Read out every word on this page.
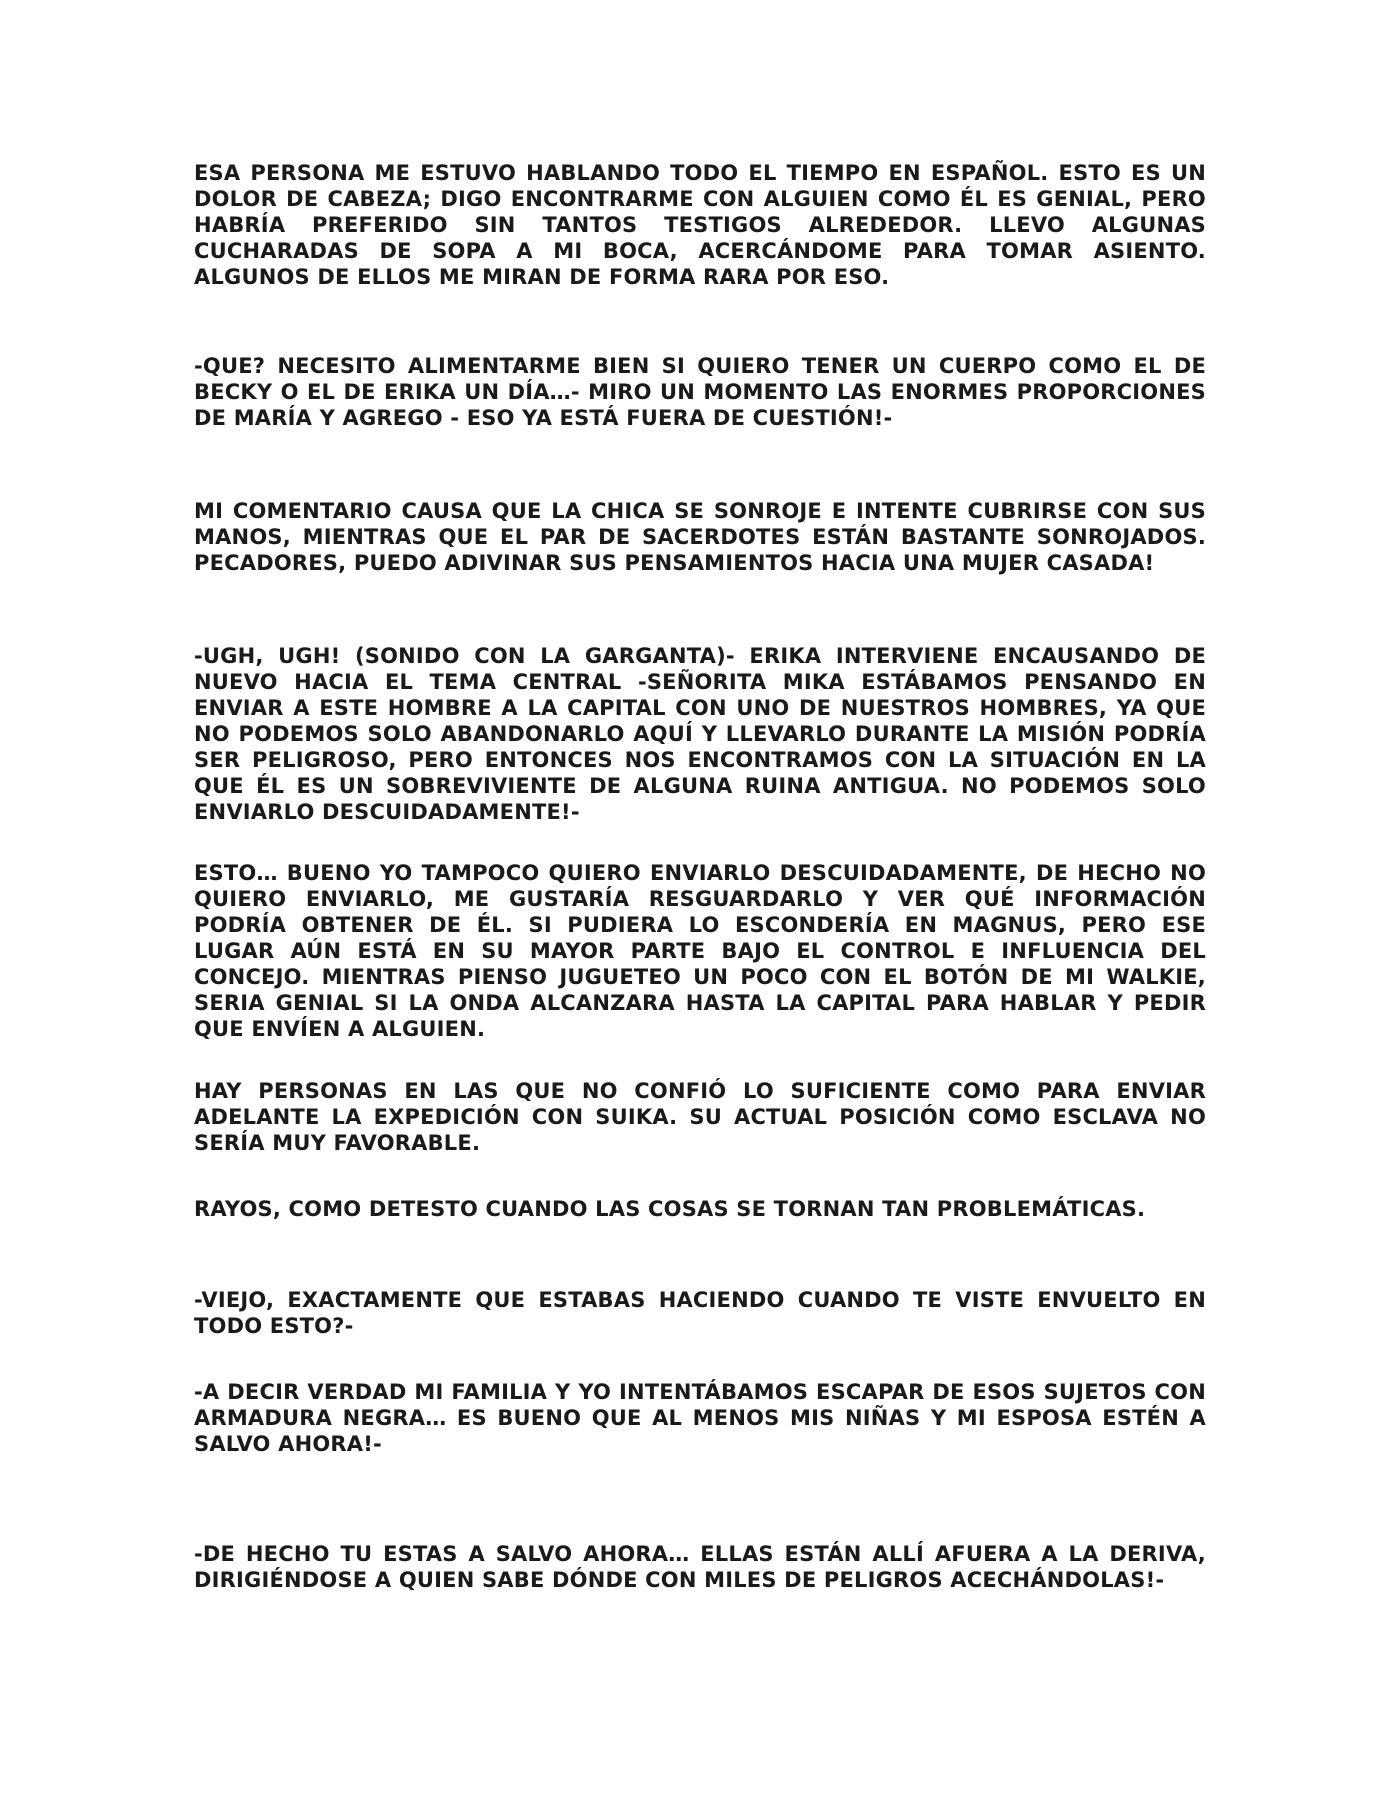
ESA PERSONA ME ESTUVO HABLANDO TODO EL TIEMPO EN ESPAÑOL. ESTO ES UN DOLOR DE CABEZA; DIGO ENCONTRARME CON ALGUIEN COMO ÉL ES GENIAL, PERO HABRÍA PREFERIDO SIN TANTOS TESTIGOS ALREDEDOR. LLEVO ALGUNAS CUCHARADAS DE SOPA A MI BOCA, ACERCÁNDOME PARA TOMAR ASIENTO. ALGUNOS DE ELLOS ME MIRAN DE FORMA RARA POR ESO.

-QUE? NECESITO ALIMENTARME BIEN SI QUIERO TENER UN CUERPO COMO EL DE BECKY O EL DE ERIKA UN DÍA…- MIRO UN MOMENTO LAS ENORMES PROPORCIONES DE MARÍA Y AGREGO - ESO YA ESTÁ FUERA DE CUESTIÓN!-

MI COMENTARIO CAUSA QUE LA CHICA SE SONROJE E INTENTE CUBRIRSE CON SUS MANOS, MIENTRAS QUE EL PAR DE SACERDOTES ESTÁN BASTANTE SONROJADOS. PECADORES, PUEDO ADIVINAR SUS PENSAMIENTOS HACIA UNA MUJER CASADA!

-UGH, UGH! (SONIDO CON LA GARGANTA)- ERIKA INTERVIENE ENCAUSANDO DE NUEVO HACIA EL TEMA CENTRAL -SEÑORITA MIKA ESTÁBAMOS PENSANDO EN ENVIAR A ESTE HOMBRE A LA CAPITAL CON UNO DE NUESTROS HOMBRES, YA QUE NO PODEMOS SOLO ABANDONARLO AQUÍ Y LLEVARLO DURANTE LA MISIÓN PODRÍA SER PELIGROSO, PERO ENTONCES NOS ENCONTRAMOS CON LA SITUACIÓN EN LA QUE ÉL ES UN SOBREVIVIENTE DE ALGUNA RUINA ANTIGUA. NO PODEMOS SOLO ENVIARLO DESCUIDADAMENTE!-

ESTO… BUENO YO TAMPOCO QUIERO ENVIARLO DESCUIDADAMENTE, DE HECHO NO QUIERO ENVIARLO, ME GUSTARÍA RESGUARDARLO Y VER QUÉ INFORMACIÓN PODRÍA OBTENER DE ÉL. SI PUDIERA LO ESCONDERÍA EN MAGNUS, PERO ESE LUGAR AÚN ESTÁ EN SU MAYOR PARTE BAJO EL CONTROL E INFLUENCIA DEL CONCEJO. MIENTRAS PIENSO JUGUETEO UN POCO CON EL BOTÓN DE MI WALKIE, SERIA GENIAL SI LA ONDA ALCANZARA HASTA LA CAPITAL PARA HABLAR Y PEDIR QUE ENVÍEN A ALGUIEN.

HAY PERSONAS EN LAS QUE NO CONFIÓ LO SUFICIENTE COMO PARA ENVIAR ADELANTE LA EXPEDICIÓN CON SUIKA. SU ACTUAL POSICIÓN COMO ESCLAVA NO SERÍA MUY FAVORABLE.

RAYOS, COMO DETESTO CUANDO LAS COSAS SE TORNAN TAN PROBLEMÁTICAS.

-VIEJO, EXACTAMENTE QUE ESTABAS HACIENDO CUANDO TE VISTE ENVUELTO EN TODO ESTO?-

-A DECIR VERDAD MI FAMILIA Y YO INTENTÁBAMOS ESCAPAR DE ESOS SUJETOS CON ARMADURA NEGRA… ES BUENO QUE AL MENOS MIS NIÑAS Y MI ESPOSA ESTÉN A SALVO AHORA!-

-DE HECHO TU ESTAS A SALVO AHORA… ELLAS ESTÁN ALLÍ AFUERA A LA DERIVA, DIRIGIÉNDOSE A QUIEN SABE DÓNDE CON MILES DE PELIGROS ACECHÁNDOLAS!-
